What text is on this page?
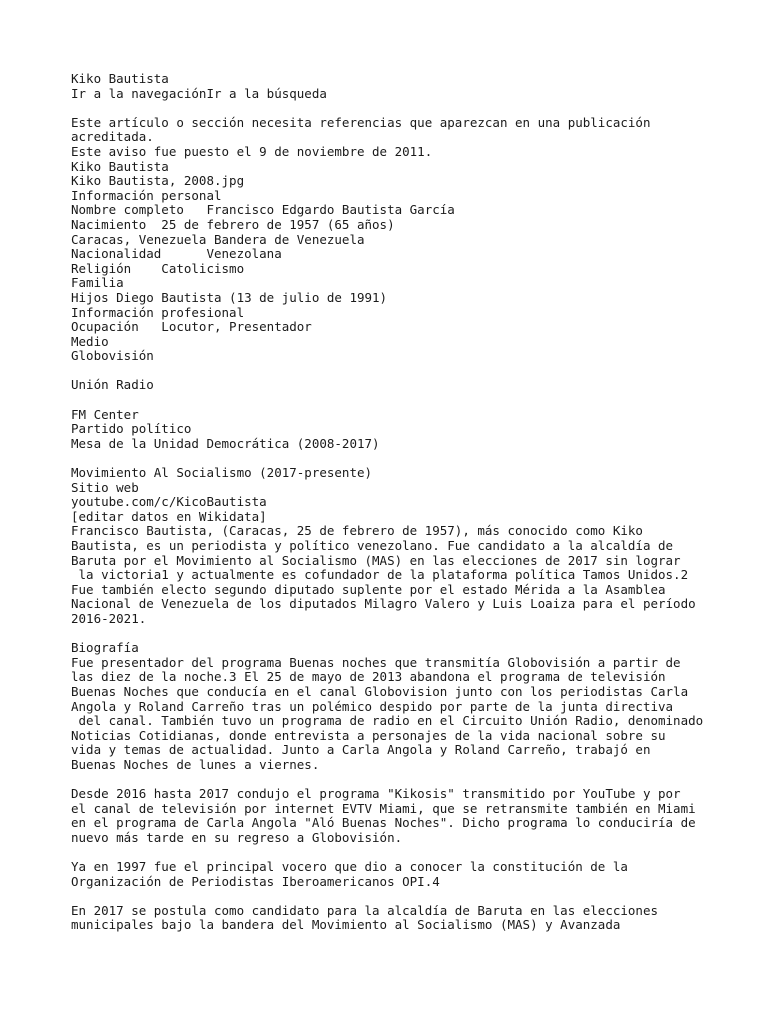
Kiko Bautista
Ir a la navegaciónIr a la búsqueda

Este artículo o sección necesita referencias que aparezcan en una publicación
acreditada.
Este aviso fue puesto el 9 de noviembre de 2011.
Kiko Bautista
Kiko Bautista, 2008.jpg
Información personal
Nombre completo   Francisco Edgardo Bautista García
Nacimiento  25 de febrero de 1957 (65 años)
Caracas, Venezuela Bandera de Venezuela
Nacionalidad      Venezolana
Religión    Catolicismo
Familia
Hijos Diego Bautista (13 de julio de 1991)
Información profesional
Ocupación   Locutor, Presentador
Medio
Globovisión

Unión Radio

FM Center
Partido político
Mesa de la Unidad Democrática (2008-2017)

Movimiento Al Socialismo (2017-presente)
Sitio web
youtube.com/c/KicoBautista
[editar datos en Wikidata]
Francisco Bautista, (Caracas, 25 de febrero de 1957), más conocido como Kiko
Bautista, es un periodista y político venezolano. Fue candidato a la alcaldía de
Baruta por el Movimiento al Socialismo (MAS) en las elecciones de 2017 sin lograr
la victoria1 y actualmente es cofundador de la plataforma política Tamos Unidos.2
Fue también electo segundo diputado suplente por el estado Mérida a la Asamblea
Nacional de Venezuela de los diputados Milagro Valero y Luis Loaiza para el período
2016-2021.

Biografía
Fue presentador del programa Buenas noches que transmitía Globovisión a partir de
las diez de la noche.3 El 25 de mayo de 2013 abandona el programa de televisión
Buenas Noches que conducía en el canal Globovision junto con los periodistas Carla
Angola y Roland Carreño tras un polémico despido por parte de la junta directiva
del canal. También tuvo un programa de radio en el Circuito Unión Radio, denominado
Noticias Cotidianas, donde entrevista a personajes de la vida nacional sobre su
vida y temas de actualidad. Junto a Carla Angola y Roland Carreño, trabajó en
Buenas Noches de lunes a viernes.

Desde 2016 hasta 2017 condujo el programa "Kikosis" transmitido por YouTube y por
el canal de televisión por internet EVTV Miami, que se retransmite también en Miami
en el programa de Carla Angola "Aló Buenas Noches". Dicho programa lo conduciría de
nuevo más tarde en su regreso a Globovisión.

Ya en 1997 fue el principal vocero que dio a conocer la constitución de la
Organización de Periodistas Iberoamericanos OPI.4

En 2017 se postula como candidato para la alcaldía de Baruta en las elecciones
municipales bajo la bandera del Movimiento al Socialismo (MAS) y Avanzada
